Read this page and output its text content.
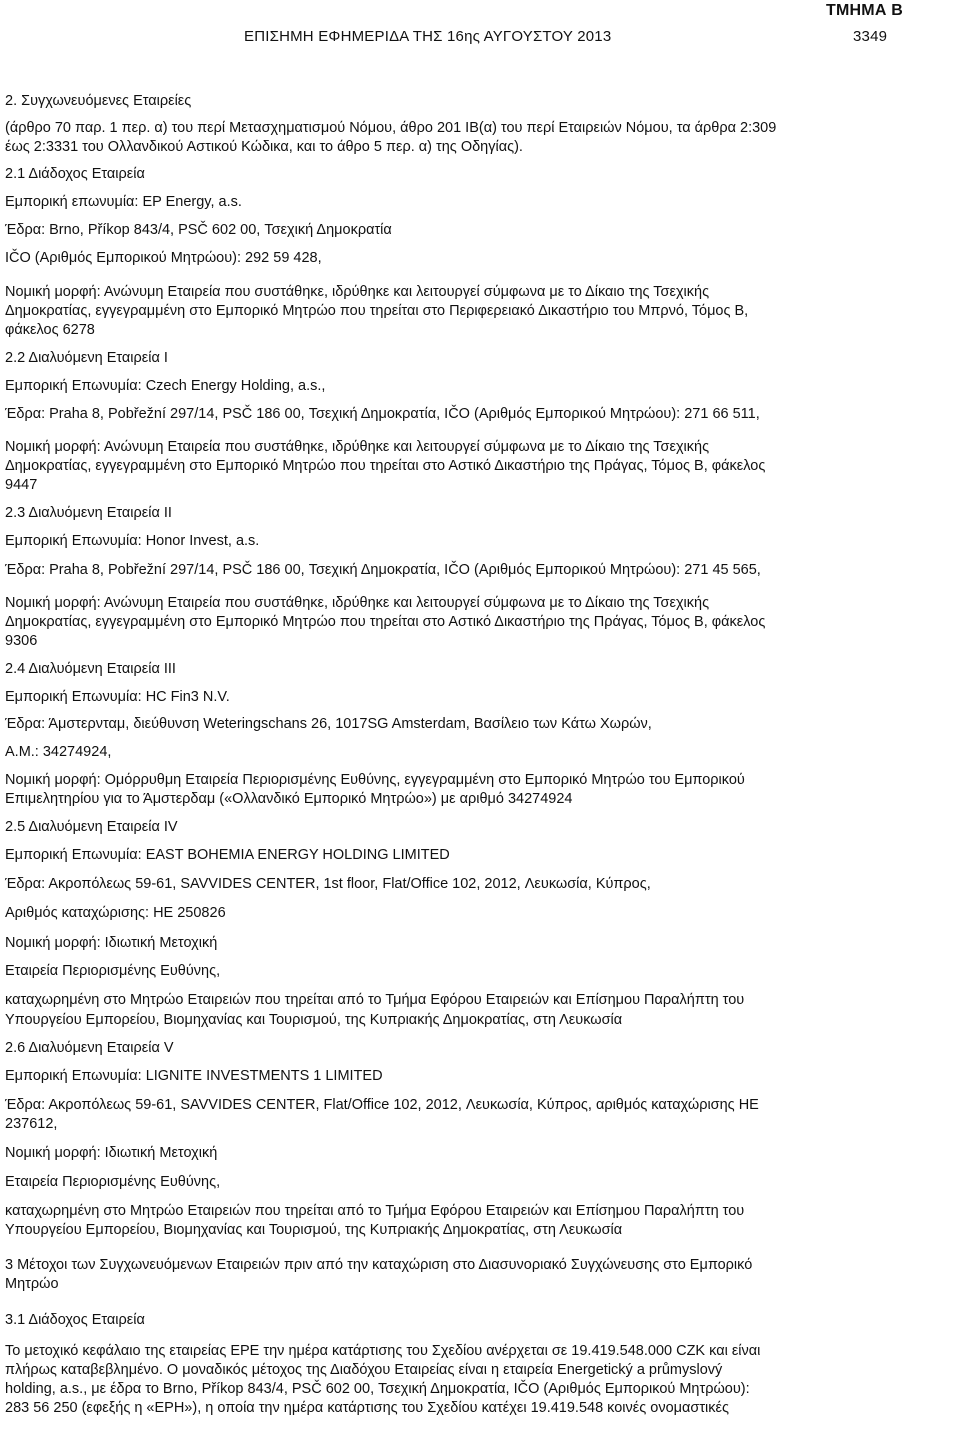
ΤΜΗΜΑ Β
ΕΠΙΣΗΜΗ ΕΦΗΜΕΡΙΔΑ ΤΗΣ 16ης ΑΥΓΟΥΣΤΟΥ 2013	3349
2. Συγχωνευόμενες Εταιρείες
(άρθρο 70 παρ. 1 περ. α) του περί Μετασχηματισμού Νόμου, άθρο 201 ΙΒ(α) του περί Εταιρειών Νόμου, τα άρθρα 2:309
έως 2:3331 του Ολλανδικού Αστικού Κώδικα, και το άθρο 5 περ. α) της Οδηγίας).
2.1 Διάδοχος Εταιρεία
Εμπορική επωνυμία: EP Energy, a.s.
Έδρα: Brno, Příkop 843/4, PSČ 602 00, Τσεχική Δημοκρατία
IČO (Αριθμός Εμπορικού Μητρώου): 292 59 428,
Νομική μορφή: Ανώνυμη Εταιρεία που συστάθηκε, ιδρύθηκε και λειτουργεί σύμφωνα με το Δίκαιο της Τσεχικής
Δημοκρατίας, εγγεγραμμένη στο Εμπορικό Μητρώο που τηρείται στο Περιφερειακό Δικαστήριο του Μπρνό, Τόμος Β,
φάκελος 6278
2.2 Διαλυόμενη Εταιρεία Ι
Εμπορική Επωνυμία: Czech Energy Holding, a.s.,
Έδρα: Praha 8, Pobřežní 297/14, PSČ 186 00, Τσεχική Δημοκρατία, IČO (Αριθμός Εμπορικού Μητρώου): 271 66 511,
Νομική μορφή: Ανώνυμη Εταιρεία που συστάθηκε, ιδρύθηκε και λειτουργεί σύμφωνα με το Δίκαιο της Τσεχικής
Δημοκρατίας, εγγεγραμμένη στο Εμπορικό Μητρώο που τηρείται στο Αστικό Δικαστήριο της Πράγας, Τόμος Β, φάκελος
9447
2.3 Διαλυόμενη Εταιρεία ΙΙ
Εμπορική Επωνυμία: Honor Invest, a.s.
Έδρα: Praha 8, Pobřežní 297/14, PSČ 186 00, Τσεχική Δημοκρατία, IČO (Αριθμός Εμπορικού Μητρώου): 271 45 565,
Νομική μορφή: Ανώνυμη Εταιρεία που συστάθηκε, ιδρύθηκε και λειτουργεί σύμφωνα με το Δίκαιο της Τσεχικής
Δημοκρατίας, εγγεγραμμένη στο Εμπορικό Μητρώο που τηρείται στο Αστικό Δικαστήριο της Πράγας, Τόμος Β, φάκελος
9306
2.4 Διαλυόμενη Εταιρεία ΙΙΙ
Εμπορική Επωνυμία: HC Fin3 N.V.
Έδρα: Άμστερνταμ, διεύθυνση Weteringschans 26, 1017SG Amsterdam, Βασίλειο των Κάτω Χωρών,
A.M.: 34274924,
Νομική μορφή: Ομόρρυθμη Εταιρεία Περιορισμένης Ευθύνης, εγγεγραμμένη στο Εμπορικό Μητρώο του Εμπορικού
Επιμελητηρίου για το Άμστερδαμ («Ολλανδικό Εμπορικό Μητρώο») με αριθμό 34274924
2.5 Διαλυόμενη Εταιρεία IV
Εμπορική Επωνυμία: EAST BOHEMIA ENERGY HOLDING LIMITED
Έδρα: Ακροπόλεως 59-61, SAVVIDES CENTER, 1st floor, Flat/Office 102, 2012, Λευκωσία, Κύπρος,
Αριθμός καταχώρισης: ΗΕ 250826
Νομική μορφή: Ιδιωτική Μετοχική
Εταιρεία Περιορισμένης Ευθύνης,
καταχωρημένη στο Μητρώο Εταιρειών που τηρείται από το Τμήμα Εφόρου Εταιρειών και Επίσημου Παραλήπτη του
Υπουργείου Εμπορείου, Βιομηχανίας και Τουρισμού, της Κυπριακής Δημοκρατίας, στη Λευκωσία
2.6 Διαλυόμενη Εταιρεία V
Εμπορική Επωνυμία: LIGNITE INVESTMENTS 1 LIMITED
Έδρα: Ακροπόλεως 59-61, SAVVIDES CENTER, Flat/Office 102, 2012, Λευκωσία, Κύπρος, αριθμός καταχώρισης ΗΕ
237612,
Νομική μορφή: Ιδιωτική Μετοχική
Εταιρεία Περιορισμένης Ευθύνης,
καταχωρημένη στο Μητρώο Εταιρειών που τηρείται από το Τμήμα Εφόρου Εταιρειών και Επίσημου Παραλήπτη του
Υπουργείου Εμπορείου, Βιομηχανίας και Τουρισμού, της Κυπριακής Δημοκρατίας, στη Λευκωσία
3 Μέτοχοι των Συγχωνευόμενων Εταιρειών πριν από την καταχώριση στο Διασυνοριακό Συγχώνευσης στο Εμπορικό
Μητρώο
3.1 Διάδοχος Εταιρεία
Το μετοχικό κεφάλαιο της εταιρείας EPE την ημέρα κατάρτισης του Σχεδίου ανέρχεται σε 19.419.548.000 CZK και είναι
πλήρως καταβεβλημένο. Ο μοναδικός μέτοχος της Διαδόχου Εταιρείας είναι η εταιρεία Energetický a průmyslový
holding, a.s., με έδρα το Brno, Příkop 843/4, PSČ 602 00, Τσεχική Δημοκρατία, IČO (Αριθμός Εμπορικού Μητρώου):
283 56 250 (εφεξής η «EPH»), η οποία την ημέρα κατάρτισης του Σχεδίου κατέχει 19.419.548 κοινές ονομαστικές
